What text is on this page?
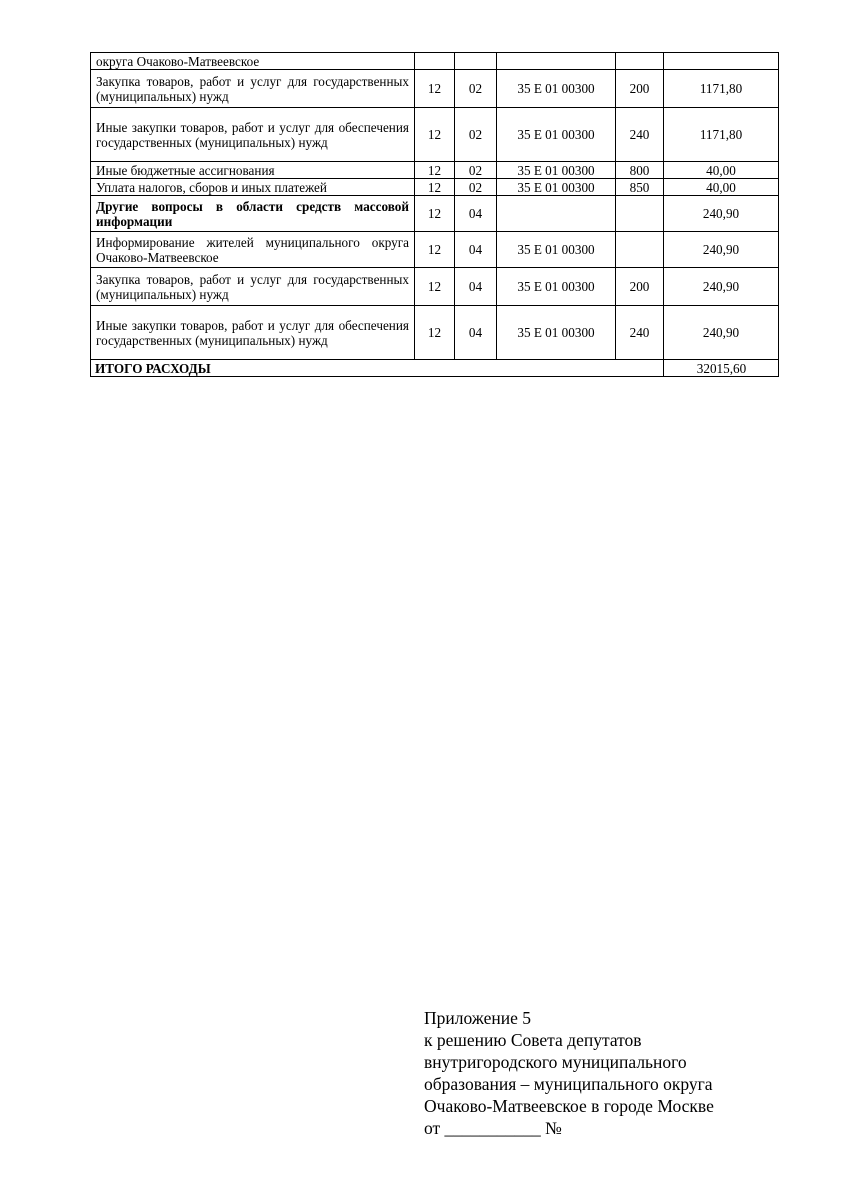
округа Очаково-Матвеевское					
Закупка товаров, работ и услуг для государственных (муниципальных) нужд	12	02	35 Е 01 00300	200	1171,80
Иные закупки товаров, работ и услуг для обеспечения государственных (муниципальных) нужд	12	02	35 Е 01 00300	240	1171,80
Иные бюджетные ассигнования	12	02	35 Е 01 00300	800	40,00
Уплата налогов, сборов и иных платежей	12	02	35 Е 01 00300	850	40,00
Другие вопросы в области средств массовой информации	12	04			240,90
Информирование жителей муниципального округа Очаково-Матвеевское	12	04	35 Е 01 00300		240,90
Закупка товаров, работ и услуг для государственных (муниципальных) нужд	12	04	35 Е 01 00300	200	240,90
Иные закупки товаров, работ и услуг для обеспечения государственных (муниципальных) нужд	12	04	35 Е 01 00300	240	240,90
ИТОГО РАСХОДЫ					32015,60
Приложение 5
к решению Совета депутатов
внутригородского муниципального
образования – муниципального округа
Очаково-Матвеевское в городе Москве
от ___________ №
